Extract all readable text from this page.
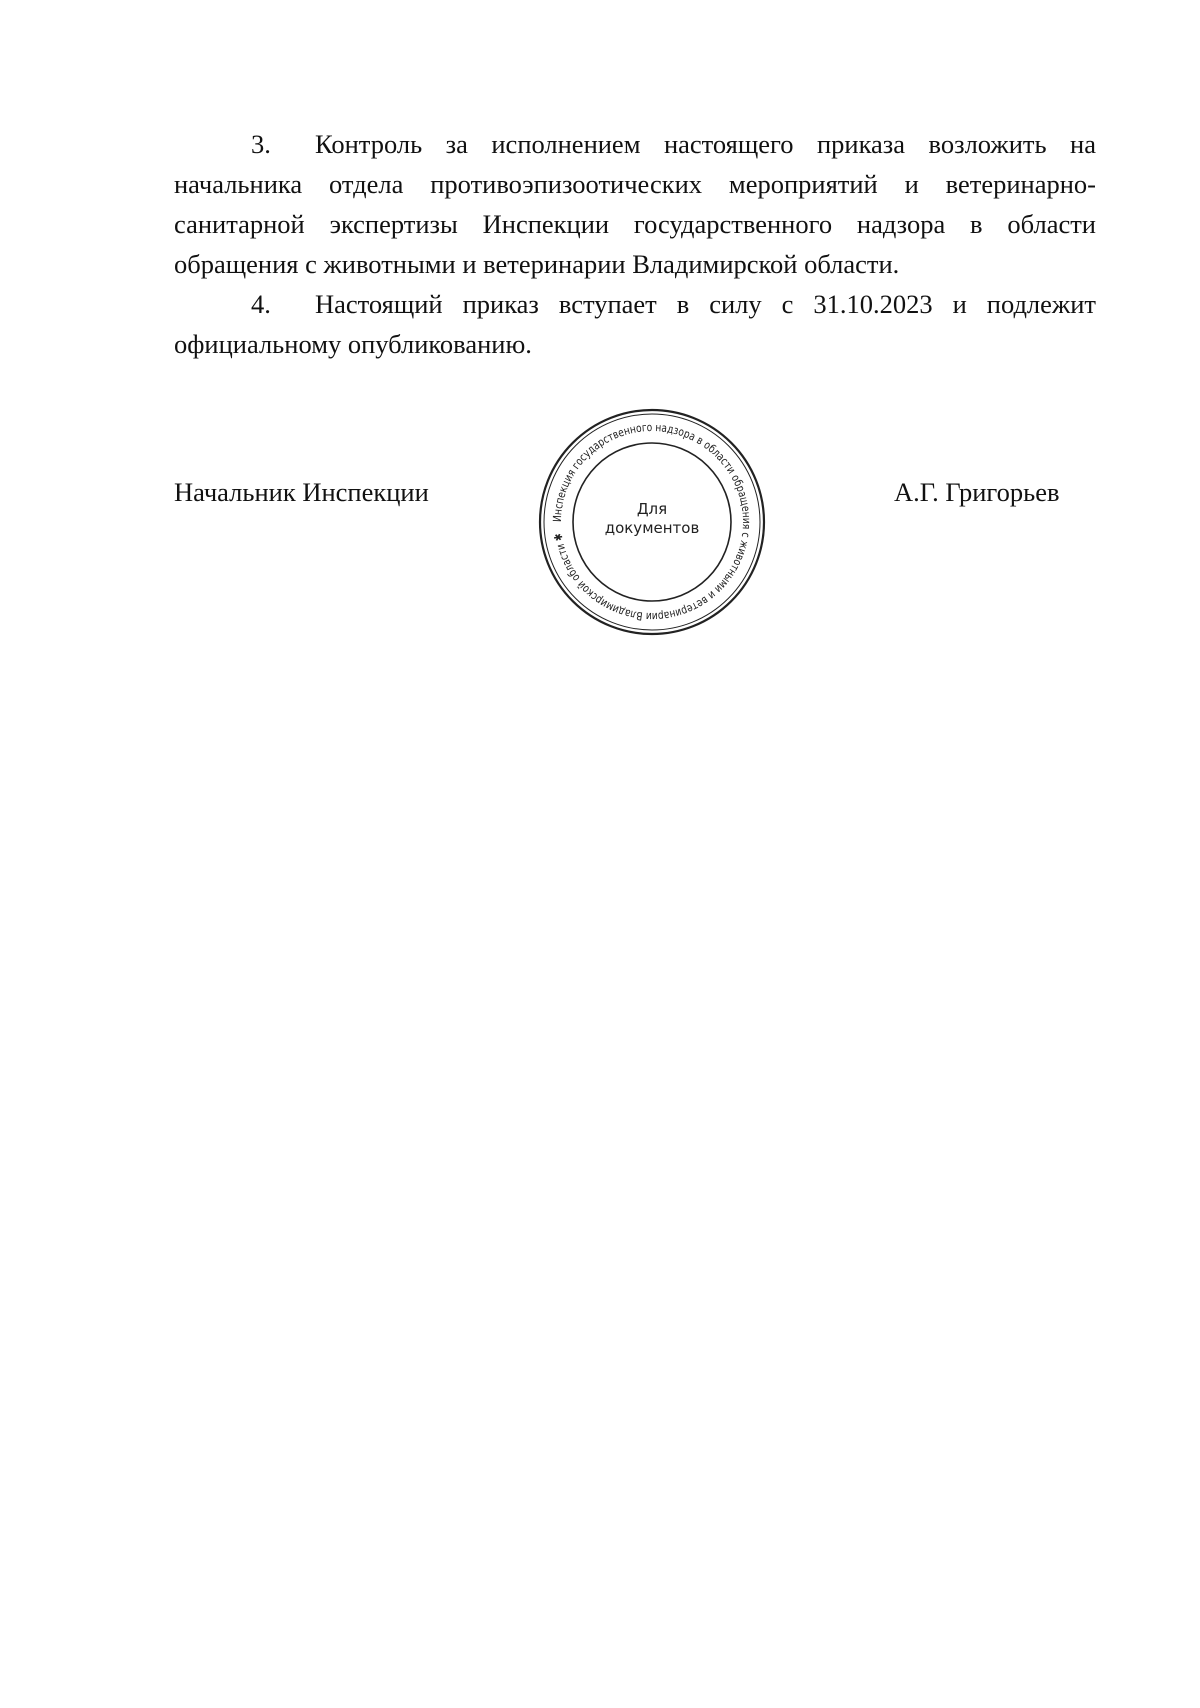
3. Контроль за исполнением настоящего приказа возложить на начальника отдела противоэпизоотических мероприятий и ветеринарно-санитарной экспертизы Инспекции государственного надзора в области обращения с животными и ветеринарии Владимирской области.

4. Настоящий приказ вступает в силу с 31.10.2023 и подлежит официальному опубликованию.

Начальник Инспекции
Инспекция государственного надзора в области обращения с животными и ветеринарии Владимирской области ✱
Для
документов
А.Г. Григорьев
